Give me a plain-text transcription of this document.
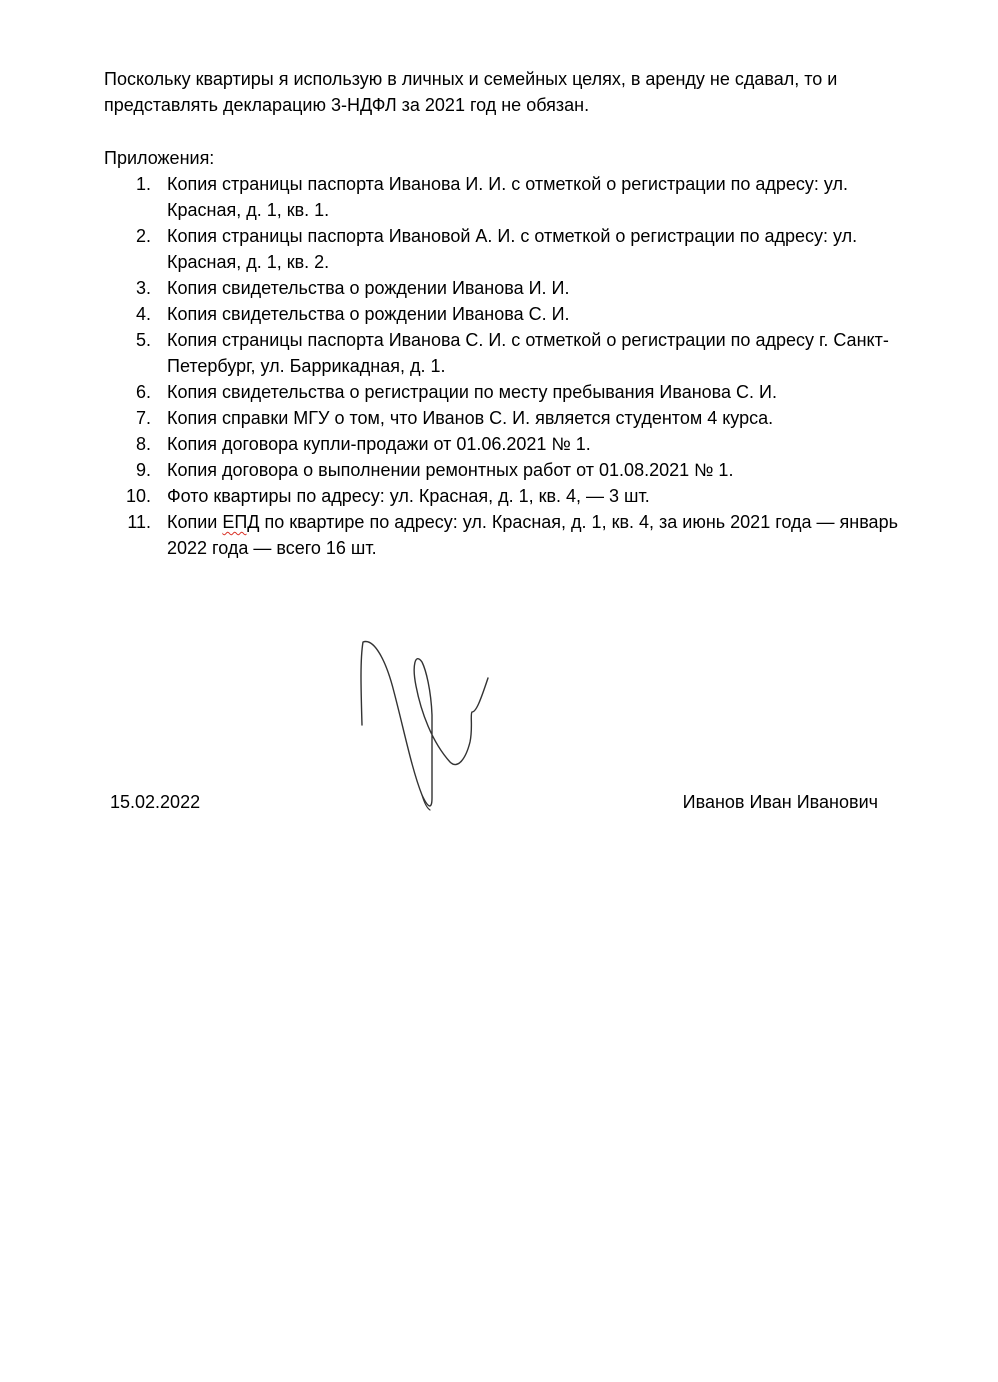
Поскольку квартиры я использую в личных и семейных целях, в аренду не сдавал, то и представлять декларацию 3-НДФЛ за 2021 год не обязан.

Приложения:

1. Копия страницы паспорта Иванова И. И. с отметкой о регистрации по адресу: ул. Красная, д. 1, кв. 1.
2. Копия страницы паспорта Ивановой А. И. с отметкой о регистрации по адресу: ул. Красная, д. 1, кв. 2.
3. Копия свидетельства о рождении Иванова И. И.
4. Копия свидетельства о рождении Иванова С. И.
5. Копия страницы паспорта Иванова С. И. с отметкой о регистрации по адресу г. Санкт-Петербург, ул. Баррикадная, д. 1.
6. Копия свидетельства о регистрации по месту пребывания Иванова С. И.
7. Копия справки МГУ о том, что Иванов С. И. является студентом 4 курса.
8. Копия договора купли-продажи от 01.06.2021 № 1.
9. Копия договора о выполнении ремонтных работ от 01.08.2021 № 1.
10. Фото квартиры по адресу: ул. Красная, д. 1, кв. 4, — 3 шт.
11. Копии ЕПД по квартире по адресу: ул. Красная, д. 1, кв. 4, за июнь 2021 года — январь 2022 года — всего 16 шт.

15.02.2022	Иванов Иван Иванович
